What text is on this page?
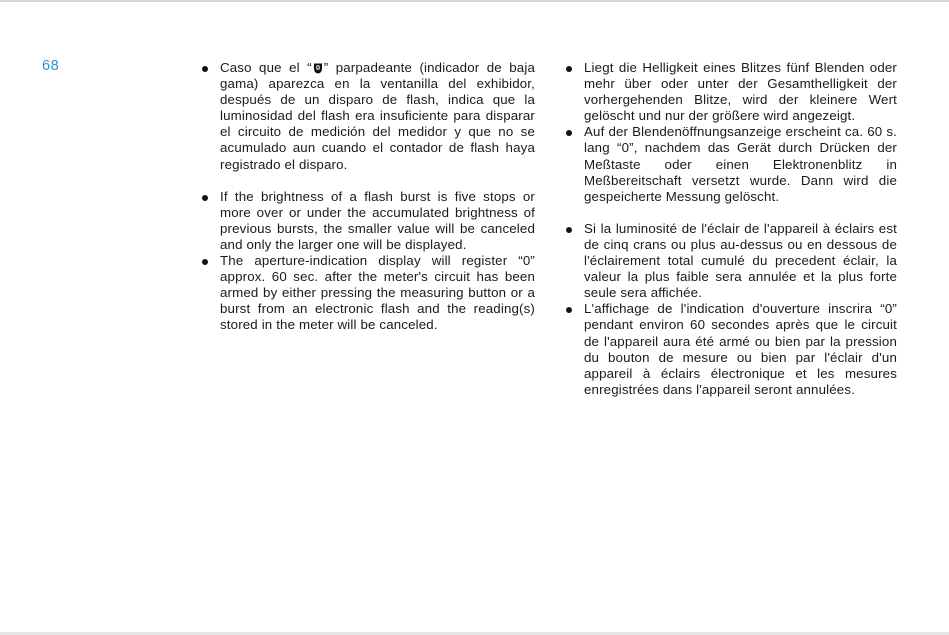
68	Caso que el “ ” parpadeante (indicador de baja gama) aparezca en la ventanilla del exhibidor, después de un disparo de flash, indica que la luminosidad del flash era insuficiente para disparar el circuito de medición del medidor y que no se acumulado aun cuando el contador de flash haya registrado el disparo.
If the brightness of a flash burst is five stops or more over or under the accumulated brightness of previous bursts, the smaller value will be canceled and only the larger one will be displayed.
The aperture-indication display will register “0” approx. 60 sec. after the meter's circuit has been armed by either pressing the measuring button or a burst from an electronic flash and the reading(s) stored in the meter will be canceled.
Liegt die Helligkeit eines Blitzes fünf Blenden oder mehr über oder unter der Gesamthelligkeit der vorhergehenden Blitze, wird der kleinere Wert gelöscht und nur der größere wird angezeigt.
Auf der Blendenöffnungsanzeige erscheint ca. 60 s. lang “0”, nachdem das Gerät durch Drücken der Meßtaste oder einen Elektronenblitz in Meßbereitschaft versetzt wurde. Dann wird die gespeicherte Messung gelöscht.
Si la luminosité de l'éclair de l'appareil à éclairs est de cinq crans ou plus au-dessus ou en dessous de l'éclairement total cumulé du precedent éclair, la valeur la plus faible sera annulée et la plus forte seule sera affichée.
L'affichage de l'indication d'ouverture inscrira “0” pendant environ 60 secondes après que le circuit de l'appareil aura été armé ou bien par la pression du bouton de mesure ou bien par l'éclair d'un appareil à éclairs électronique et les mesures enregistrées dans l'appareil seront annulées.
